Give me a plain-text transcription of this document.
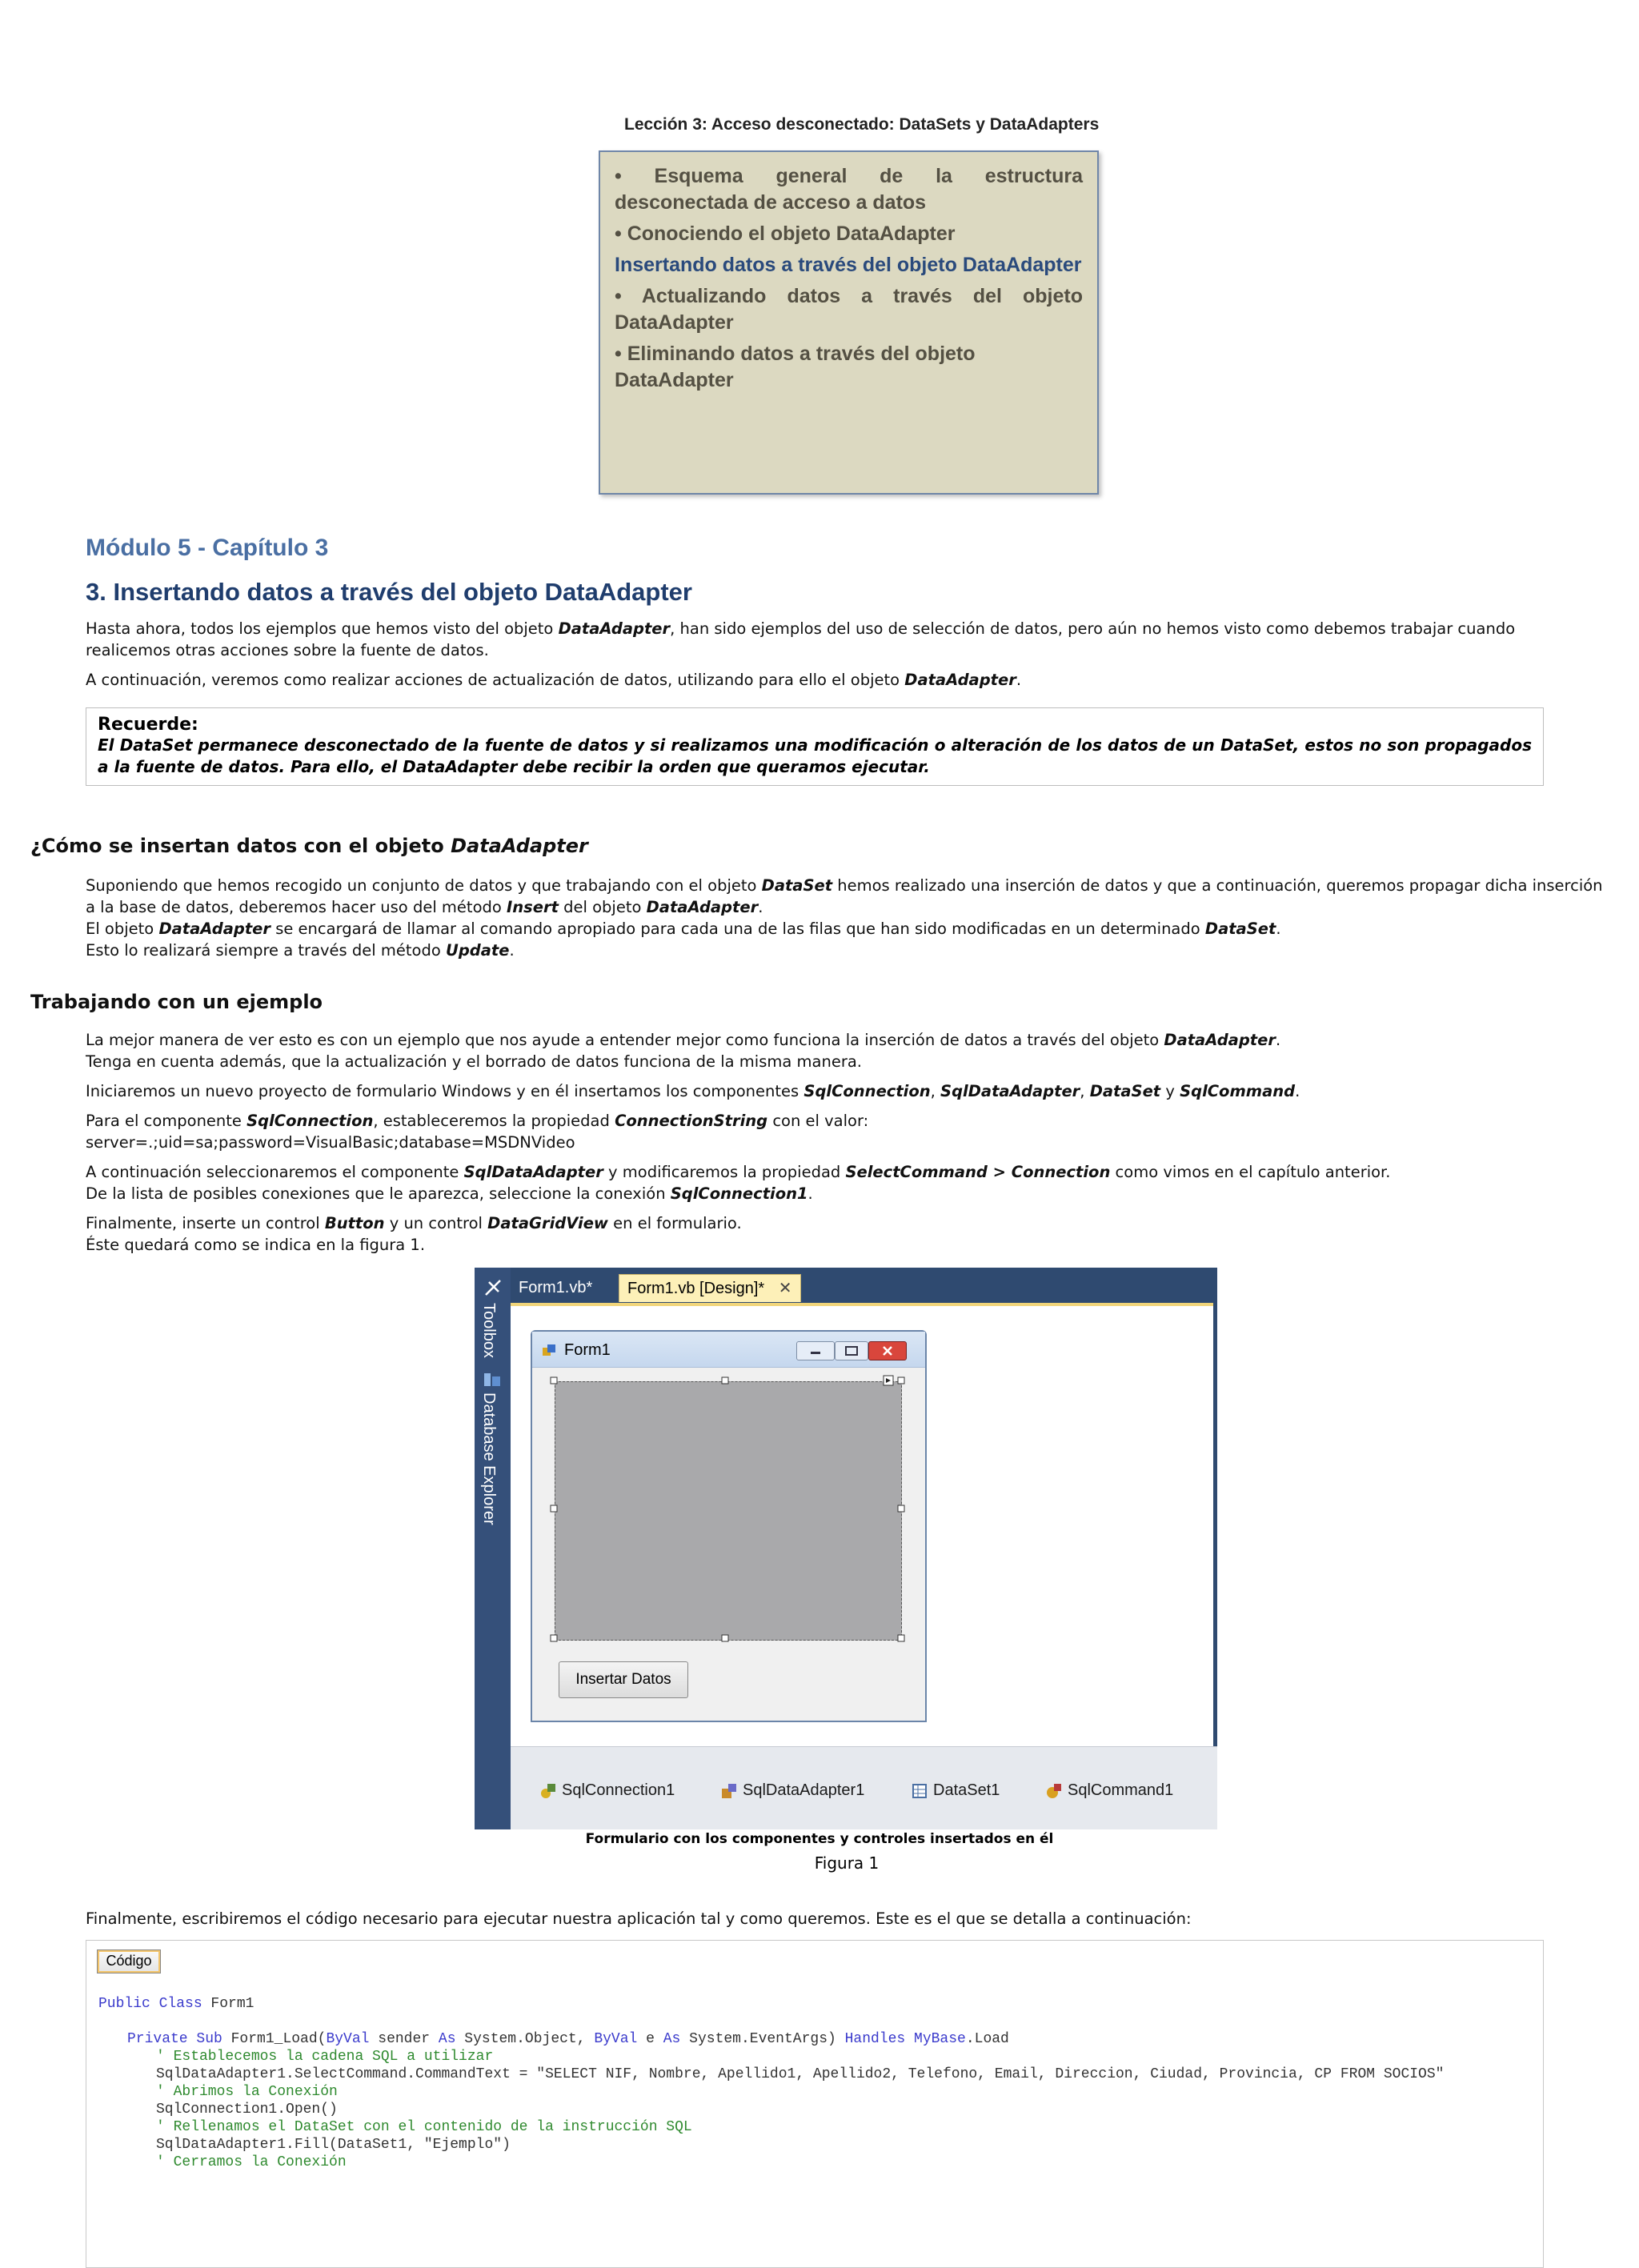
Lección 3: Acceso desconectado: DataSets y DataAdapters
• Esquema general de la estructura desconectada de acceso a datos
• Conociendo el objeto DataAdapter
Insertando datos a través del objeto DataAdapter
• Actualizando datos a través del objeto DataAdapter
• Eliminando datos a través del objeto DataAdapter
Módulo 5 - Capítulo 3
3. Insertando datos a través del objeto DataAdapter
Hasta ahora, todos los ejemplos que hemos visto del objeto DataAdapter, han sido ejemplos del uso de selección de datos, pero aún no hemos visto como debemos trabajar cuando realicemos otras acciones sobre la fuente de datos.
A continuación, veremos como realizar acciones de actualización de datos, utilizando para ello el objeto DataAdapter.
Recuerde:
El DataSet permanece desconectado de la fuente de datos y si realizamos una modificación o alteración de los datos de un DataSet, estos no son propagados a la fuente de datos. Para ello, el DataAdapter debe recibir la orden que queramos ejecutar.
¿Cómo se insertan datos con el objeto DataAdapter
Suponiendo que hemos recogido un conjunto de datos y que trabajando con el objeto DataSet hemos realizado una inserción de datos y que a continuación, queremos propagar dicha inserción
a la base de datos, deberemos hacer uso del método Insert del objeto DataAdapter.
El objeto DataAdapter se encargará de llamar al comando apropiado para cada una de las filas que han sido modificadas en un determinado DataSet.
Esto lo realizará siempre a través del método Update.
Trabajando con un ejemplo
La mejor manera de ver esto es con un ejemplo que nos ayude a entender mejor como funciona la inserción de datos a través del objeto DataAdapter.
Tenga en cuenta además, que la actualización y el borrado de datos funciona de la misma manera.
Iniciaremos un nuevo proyecto de formulario Windows y en él insertamos los componentes SqlConnection, SqlDataAdapter, DataSet y SqlCommand.
Para el componente SqlConnection, estableceremos la propiedad ConnectionString con el valor:
server=.;uid=sa;password=VisualBasic;database=MSDNVideo
A continuación seleccionaremos el componente SqlDataAdapter y modificaremos la propiedad SelectCommand > Connection como vimos en el capítulo anterior.
De la lista de posibles conexiones que le aparezca, seleccione la conexión SqlConnection1.
Finalmente, inserte un control Button y un control DataGridView en el formulario.
Éste quedará como se indica en la figura 1.
Toolbox
Database Explorer
Form1.vb*	Form1.vb [Design]* ✕
Form1
Insertar Datos
SqlConnection1	SqlDataAdapter1	DataSet1	SqlCommand1
Formulario con los componentes y controles insertados en él
Figura 1
Finalmente, escribiremos el código necesario para ejecutar nuestra aplicación tal y como queremos. Este es el que se detalla a continuación:
Código
Public Class Form1
Private Sub Form1_Load(ByVal sender As System.Object, ByVal e As System.EventArgs) Handles MyBase.Load
' Establecemos la cadena SQL a utilizar
SqlDataAdapter1.SelectCommand.CommandText = "SELECT NIF, Nombre, Apellido1, Apellido2, Telefono, Email, Direccion, Ciudad, Provincia, CP FROM SOCIOS"
' Abrimos la Conexión
SqlConnection1.Open()
' Rellenamos el DataSet con el contenido de la instrucción SQL
SqlDataAdapter1.Fill(DataSet1, "Ejemplo")
' Cerramos la Conexión
